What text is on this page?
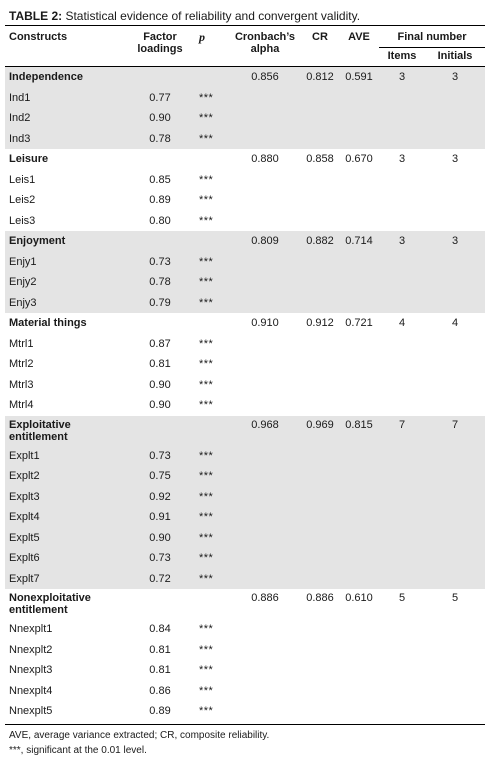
TABLE 2: Statistical evidence of reliability and convergent validity.
Constructs	Factor loadings	p	Cronbach’s alpha	CR	AVE	Final number	
						Items	Initials

Independence			0.856	0.812	0.591	3	3
Ind1	0.77	***					
Ind2	0.90	***					
Ind3	0.78	***					
Leisure			0.880	0.858	0.670	3	3
Leis1	0.85	***					
Leis2	0.89	***					
Leis3	0.80	***					
Enjoyment			0.809	0.882	0.714	3	3
Enjy1	0.73	***					
Enjy2	0.78	***					
Enjy3	0.79	***					
Material things			0.910	0.912	0.721	4	4
Mtrl1	0.87	***					
Mtrl2	0.81	***					
Mtrl3	0.90	***					
Mtrl4	0.90	***					
Exploitative entitlement			0.968	0.969	0.815	7	7
Explt1	0.73	***					
Explt2	0.75	***					
Explt3	0.92	***					
Explt4	0.91	***					
Explt5	0.90	***					
Explt6	0.73	***					
Explt7	0.72	***					
Nonexploitative entitlement			0.886	0.886	0.610	5	5
Nnexplt1	0.84	***					
Nnexplt2	0.81	***					
Nnexplt3	0.81	***					
Nnexplt4	0.86	***					
Nnexplt5	0.89	***					
AVE, average variance extracted; CR, composite reliability.
***, significant at the 0.01 level.
